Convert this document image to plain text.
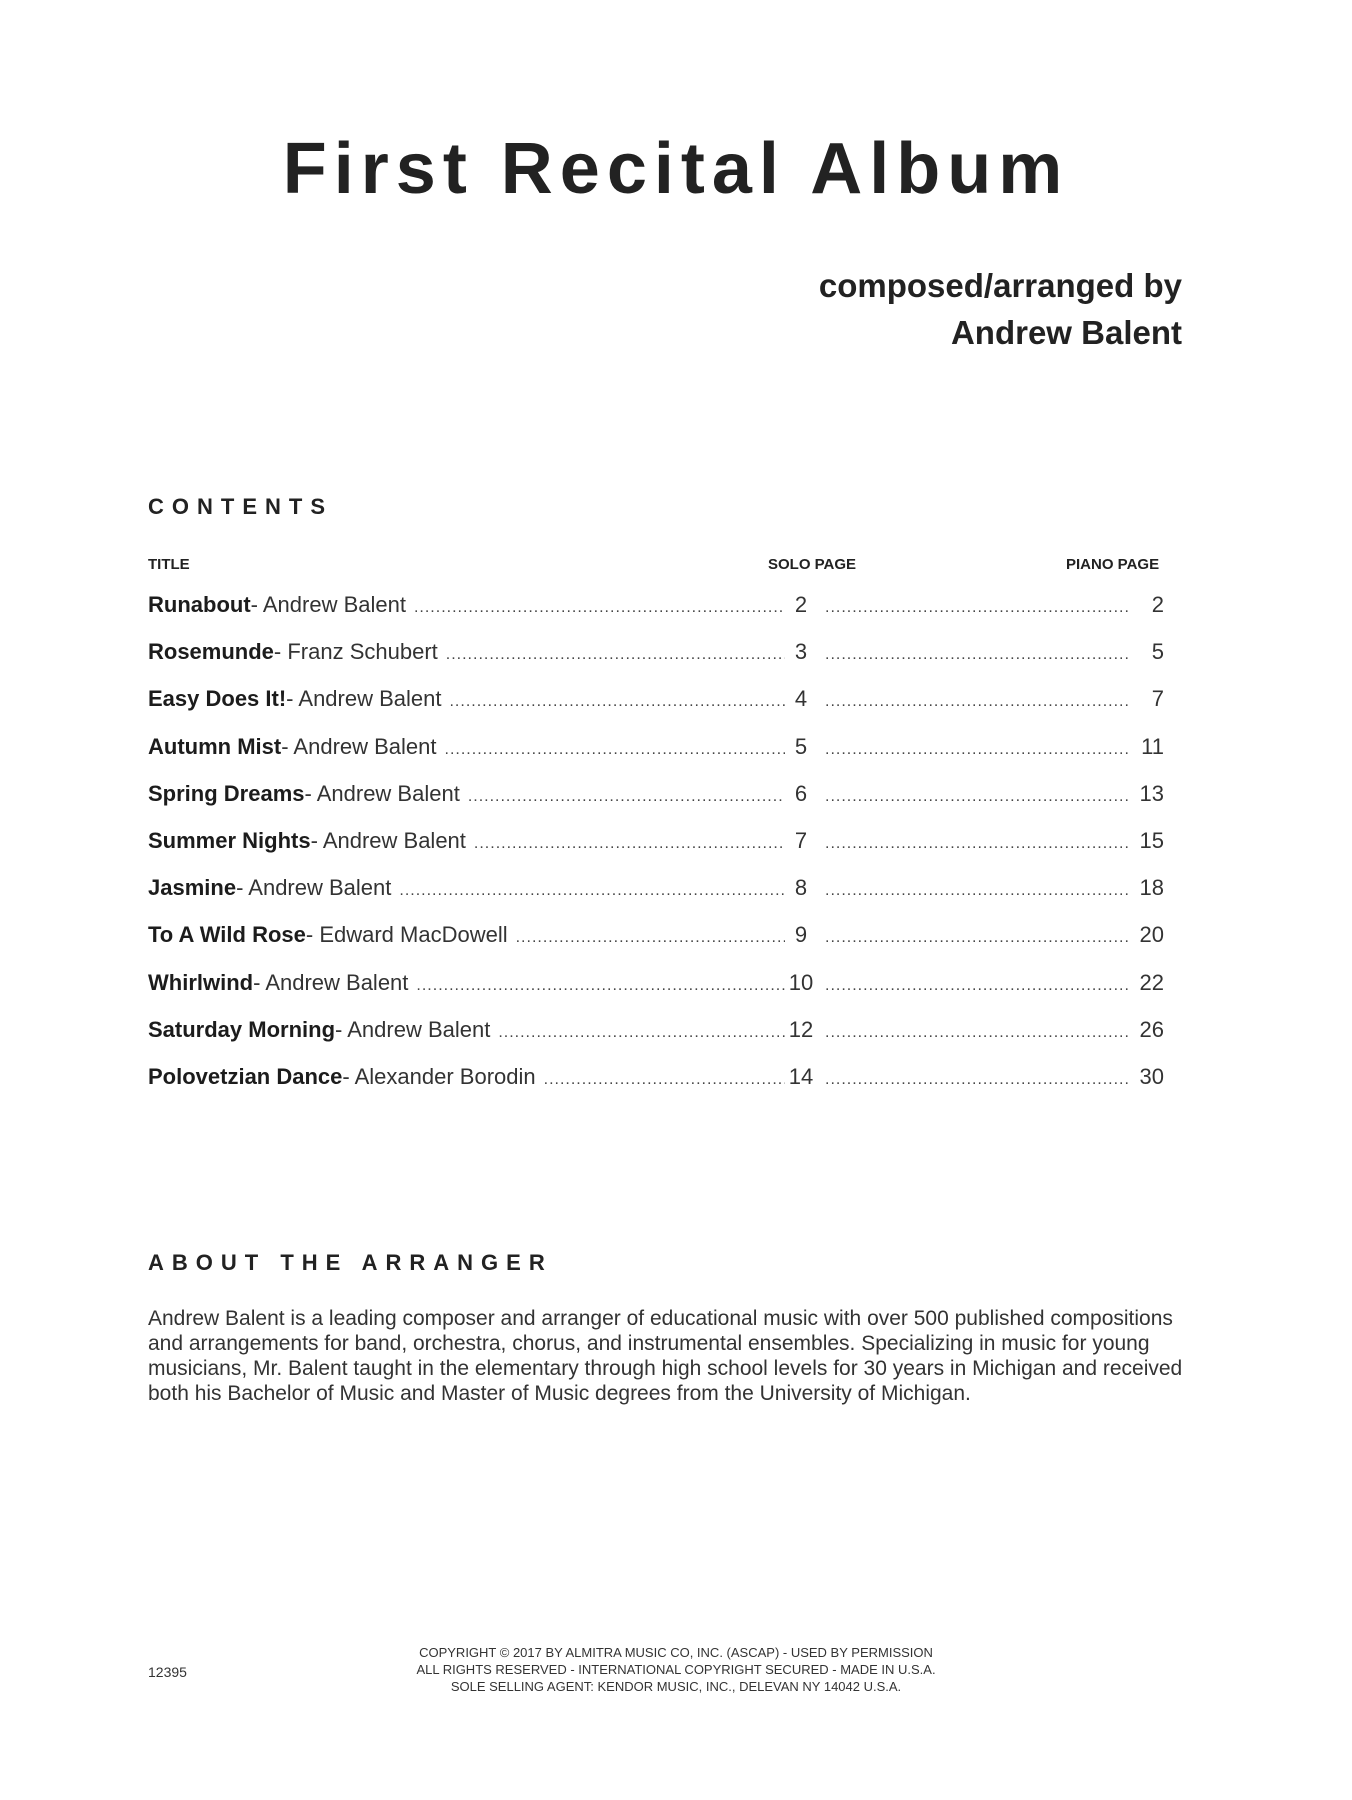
First Recital Album
composed/arranged by
Andrew Balent
CONTENTS
TITLE	SOLO PAGE	PIANO PAGE
Runabout - Andrew Balent .....	2 .....	2
Rosemunde - Franz Schubert .....	3 .....	5
Easy Does It! - Andrew Balent .....	4 .....	7
Autumn Mist - Andrew Balent .....	5 .....	11
Spring Dreams - Andrew Balent .....	6 .....	13
Summer Nights - Andrew Balent .....	7 .....	15
Jasmine - Andrew Balent .....	8 .....	18
To A Wild Rose - Edward MacDowell .....	9 .....	20
Whirlwind - Andrew Balent .....	10 .....	22
Saturday Morning - Andrew Balent .....	12 .....	26
Polovetzian Dance - Alexander Borodin .....	14 .....	30
ABOUT THE ARRANGER

Andrew Balent is a leading composer and arranger of educational music with over 500 published compositions and arrangements for band, orchestra, chorus, and instrumental ensembles. Specializing in music for young musicians, Mr. Balent taught in the elementary through high school levels for 30 years in Michigan and received both his Bachelor of Music and Master of Music degrees from the University of Michigan.

12395
COPYRIGHT © 2017 BY ALMITRA MUSIC CO, INC. (ASCAP) - USED BY PERMISSION
ALL RIGHTS RESERVED - INTERNATIONAL COPYRIGHT SECURED - MADE IN U.S.A.
SOLE SELLING AGENT: KENDOR MUSIC, INC., DELEVAN NY 14042 U.S.A.
